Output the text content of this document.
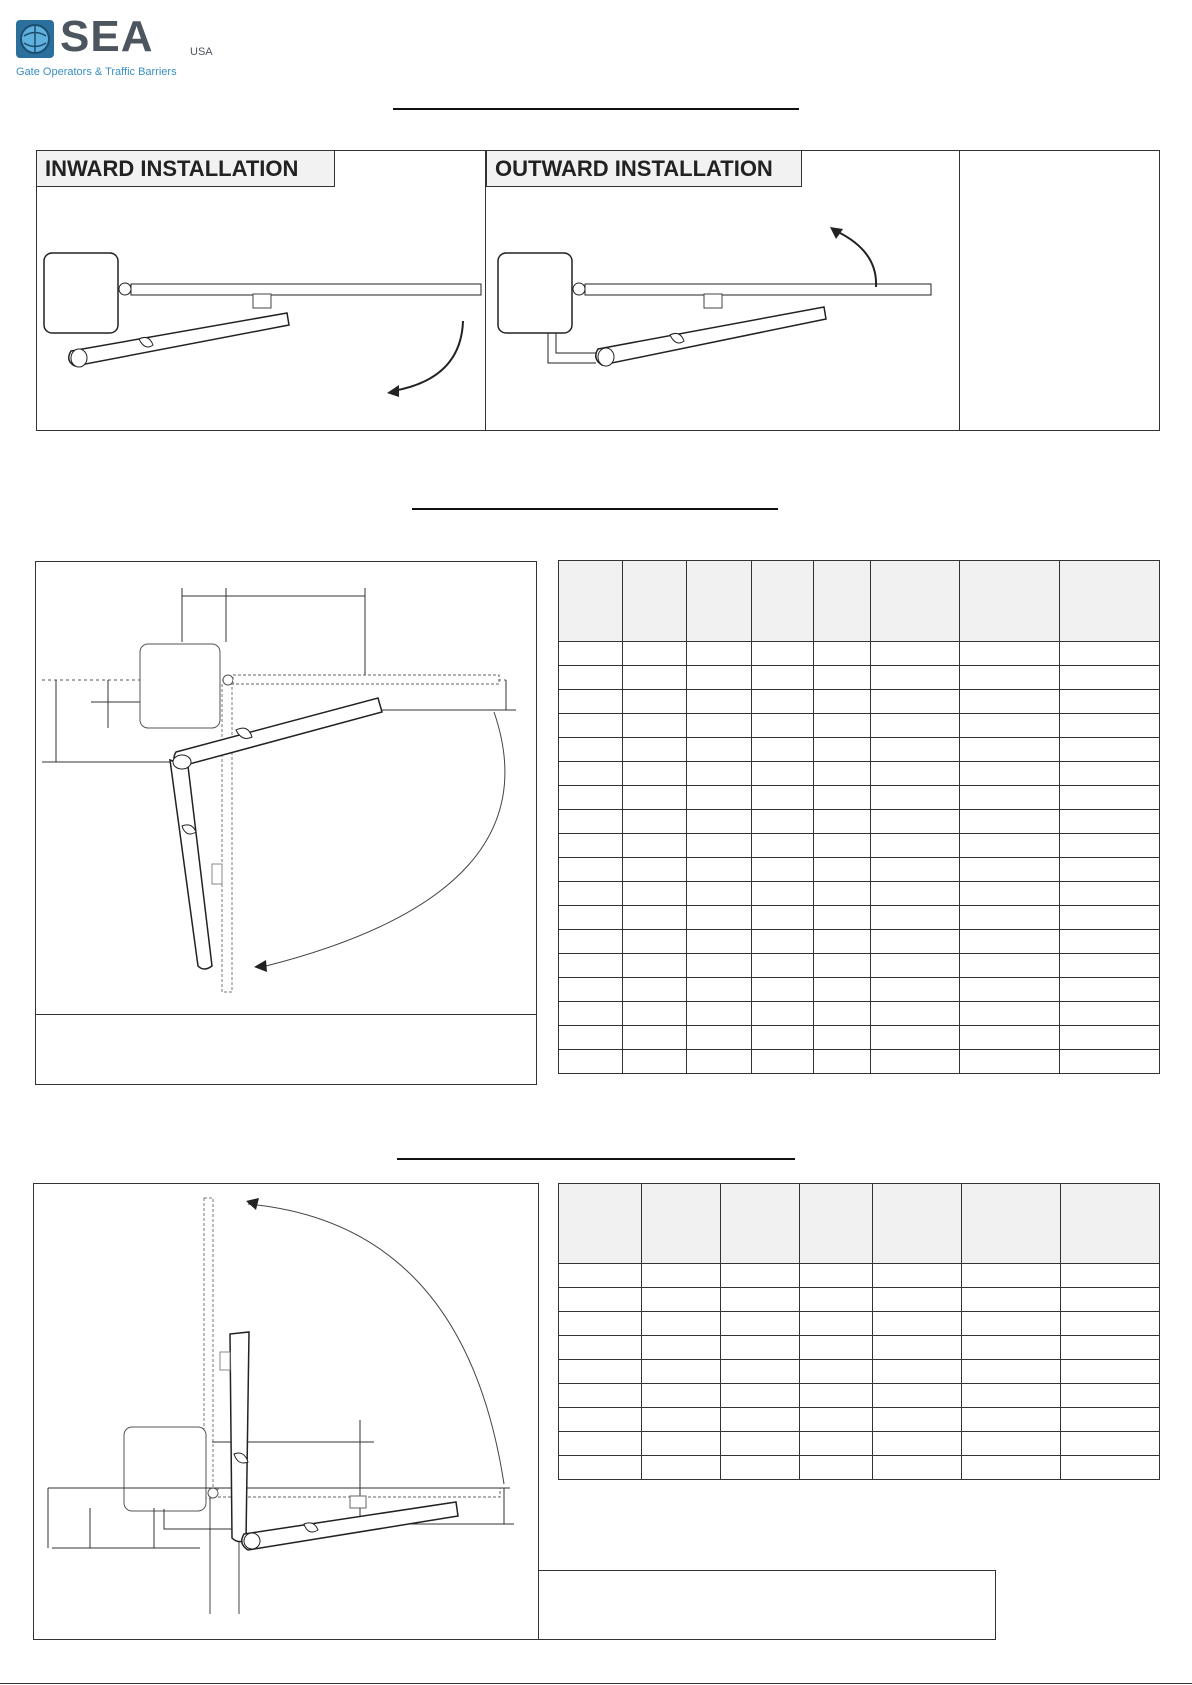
SEA	USA
Gate Operators & Traffic Barriers
INWARD INSTALLATION	OUTWARD INSTALLATION
